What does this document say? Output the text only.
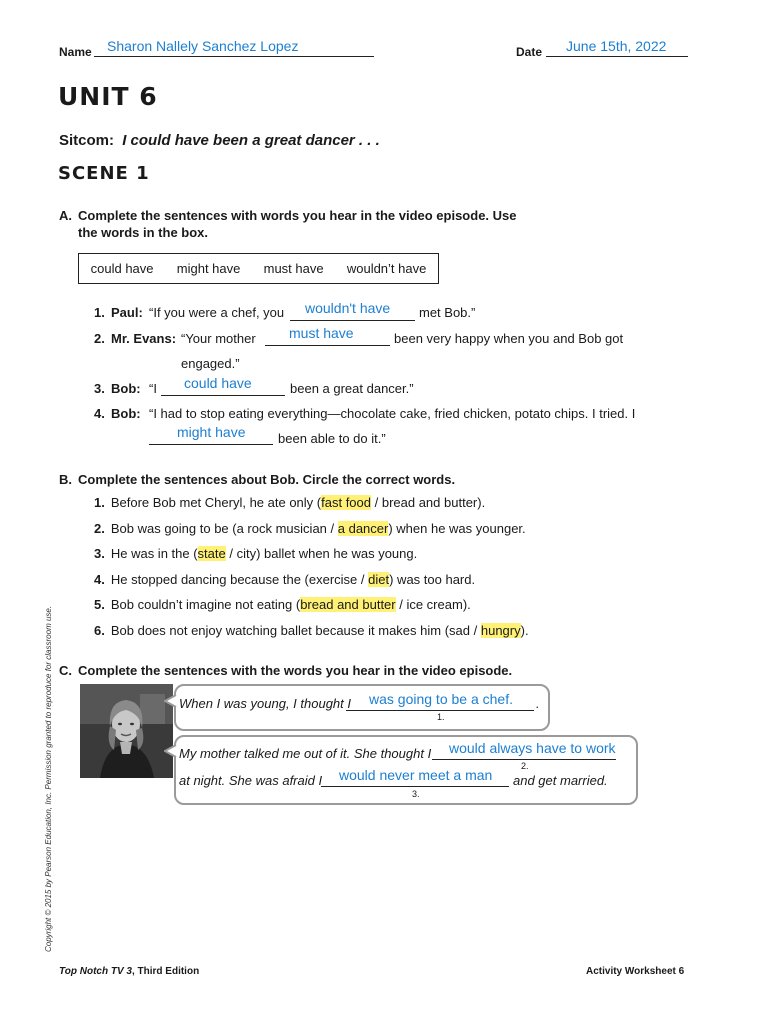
Name Sharon Nallely Sanchez Lopez	Date June 15th, 2022
UNIT 6
Sitcom: I could have been a great dancer . . .
SCENE 1
A. Complete the sentences with words you hear in the video episode. Use
the words in the box.
could have	might have	must have	wouldn’t have
1. Paul: “If you were a chef, you wouldn't have met Bob.”
2. Mr. Evans: “Your mother must have	been very happy when you and Bob got
engaged.”
3. Bob: “I could have	been a great dancer.”
4. Bob: “I had to stop eating everything—chocolate cake, fried chicken, potato chips. I tried. I
might have	been able to do it.”
B. Complete the sentences about Bob. Circle the correct words.
1. Before Bob met Cheryl, he ate only (fast food / bread and butter).
2. Bob was going to be (a rock musician / a dancer) when he was younger.
3. He was in the (state / city) ballet when he was young.
4. He stopped dancing because the (exercise / diet) was too hard.
5. Bob couldn’t imagine not eating (bread and butter / ice cream).
6. Bob does not enjoy watching ballet because it makes him (sad / hungry).
C. Complete the sentences with the words you hear in the video episode.
When I was young, I thought I was going to be a chef. .
1.
My mother talked me out of it. She thought I would always have to work
2.
at night. She was afraid I would never meet a man and get married.
3.
Copyright © 2015 by Pearson Education, Inc. Permission granted to reproduce for classroom use.
Top Notch TV 3, Third Edition	Activity Worksheet 6
